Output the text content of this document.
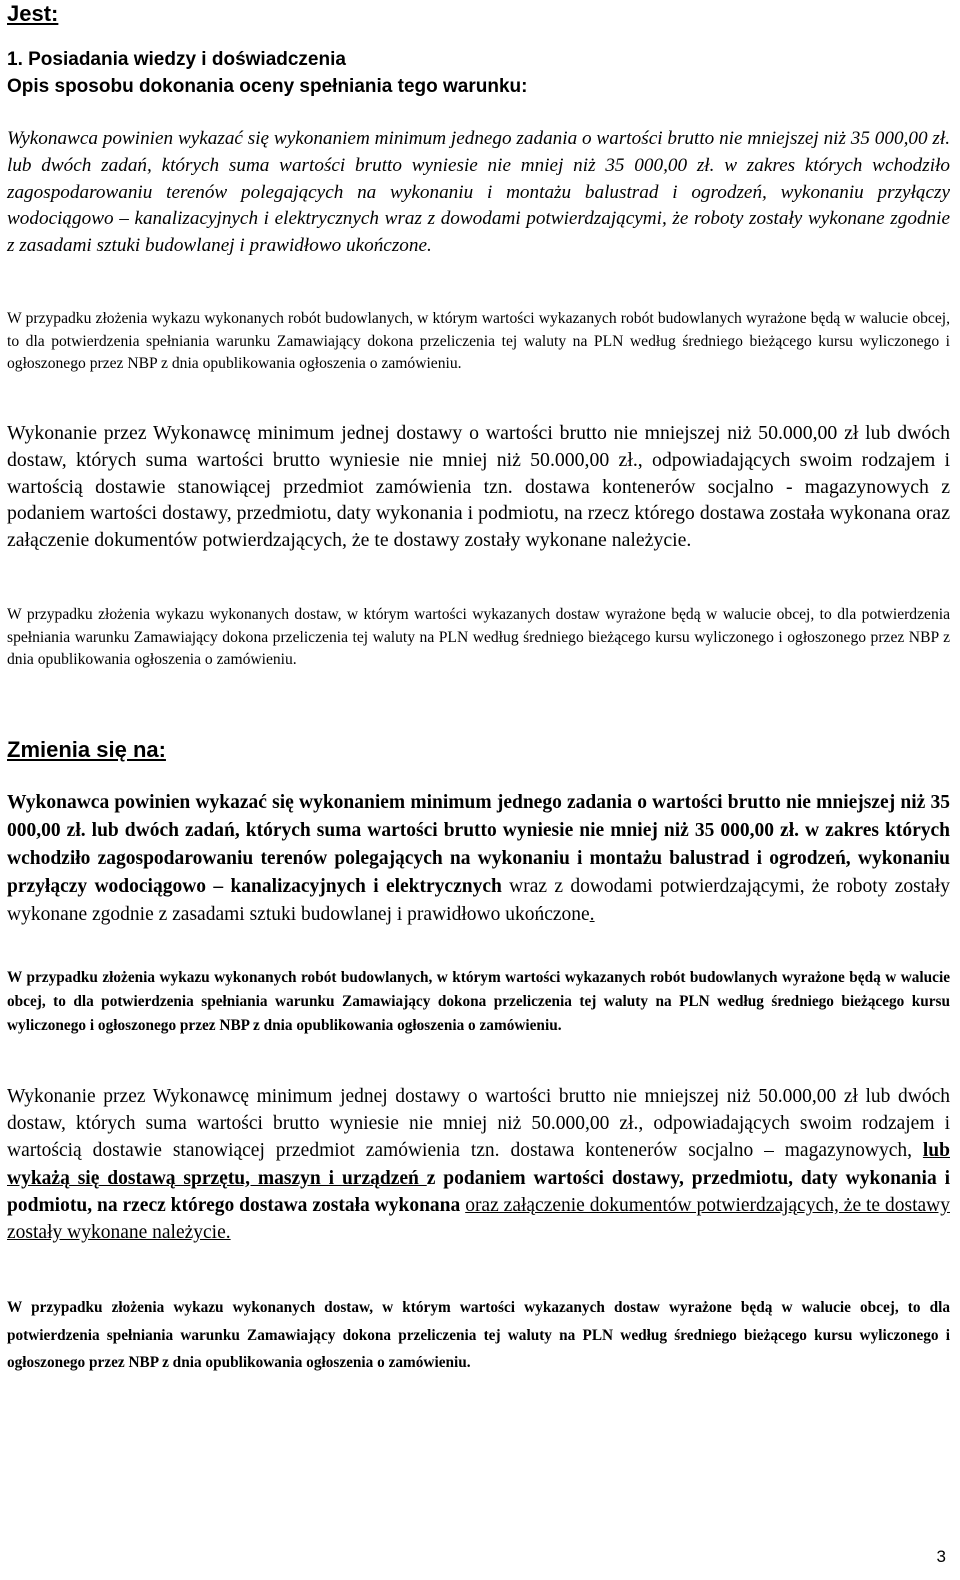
Jest:
1. Posiadania wiedzy i doświadczenia
Opis sposobu dokonania oceny spełniania tego warunku:
Wykonawca powinien wykazać się wykonaniem minimum jednego zadania o wartości brutto nie mniejszej niż 35 000,00 zł. lub dwóch zadań, których suma wartości brutto wyniesie nie mniej niż 35 000,00 zł. w zakres których wchodziło zagospodarowaniu terenów polegających na wykonaniu i montażu balustrad i ogrodzeń, wykonaniu przyłączy wodociągowo – kanalizacyjnych i elektrycznych wraz z dowodami potwierdzającymi, że roboty zostały wykonane zgodnie z zasadami sztuki budowlanej i prawidłowo ukończone.
W przypadku złożenia wykazu wykonanych robót budowlanych, w którym wartości wykazanych robót budowlanych wyrażone będą w walucie obcej, to dla potwierdzenia spełniania warunku Zamawiający dokona przeliczenia tej waluty na PLN według średniego bieżącego kursu wyliczonego i ogłoszonego przez NBP z dnia opublikowania ogłoszenia o zamówieniu.
Wykonanie przez Wykonawcę minimum jednej dostawy o wartości brutto nie mniejszej niż 50.000,00 zł lub dwóch dostaw, których suma wartości brutto wyniesie nie mniej niż 50.000,00 zł., odpowiadających swoim rodzajem i wartością dostawie stanowiącej przedmiot zamówienia tzn. dostawa kontenerów socjalno - magazynowych z podaniem wartości dostawy, przedmiotu, daty wykonania i podmiotu, na rzecz którego dostawa została wykonana oraz załączenie dokumentów potwierdzających, że te dostawy zostały wykonane należycie.
W przypadku złożenia wykazu wykonanych dostaw, w którym wartości wykazanych dostaw wyrażone będą w walucie obcej, to dla potwierdzenia spełniania warunku Zamawiający dokona przeliczenia tej waluty na PLN według średniego bieżącego kursu wyliczonego i ogłoszonego przez NBP z dnia opublikowania ogłoszenia o zamówieniu.
Zmienia się na:
Wykonawca powinien wykazać się wykonaniem minimum jednego zadania o wartości brutto nie mniejszej niż 35 000,00 zł. lub dwóch zadań, których suma wartości brutto wyniesie nie mniej niż 35 000,00 zł. w zakres których wchodziło zagospodarowaniu terenów polegających na wykonaniu i montażu balustrad i ogrodzeń, wykonaniu przyłączy wodociągowo – kanalizacyjnych i elektrycznych wraz z dowodami potwierdzającymi, że roboty zostały wykonane zgodnie z zasadami sztuki budowlanej i prawidłowo ukończone.
W przypadku złożenia wykazu wykonanych robót budowlanych, w którym wartości wykazanych robót budowlanych wyrażone będą w walucie obcej, to dla potwierdzenia spełniania warunku Zamawiający dokona przeliczenia tej waluty na PLN według średniego bieżącego kursu wyliczonego i ogłoszonego przez NBP z dnia opublikowania ogłoszenia o zamówieniu.
Wykonanie przez Wykonawcę minimum jednej dostawy o wartości brutto nie mniejszej niż 50.000,00 zł lub dwóch dostaw, których suma wartości brutto wyniesie nie mniej niż 50.000,00 zł., odpowiadających swoim rodzajem i wartością dostawie stanowiącej przedmiot zamówienia tzn. dostawa kontenerów socjalno – magazynowych, lub wykażą się dostawą sprzętu, maszyn i urządzeń z podaniem wartości dostawy, przedmiotu, daty wykonania i podmiotu, na rzecz którego dostawa została wykonana oraz załączenie dokumentów potwierdzających, że te dostawy zostały wykonane należycie.
W przypadku złożenia wykazu wykonanych dostaw, w którym wartości wykazanych dostaw wyrażone będą w walucie obcej, to dla potwierdzenia spełniania warunku Zamawiający dokona przeliczenia tej waluty na PLN według średniego bieżącego kursu wyliczonego i ogłoszonego przez NBP z dnia opublikowania ogłoszenia o zamówieniu.
3
